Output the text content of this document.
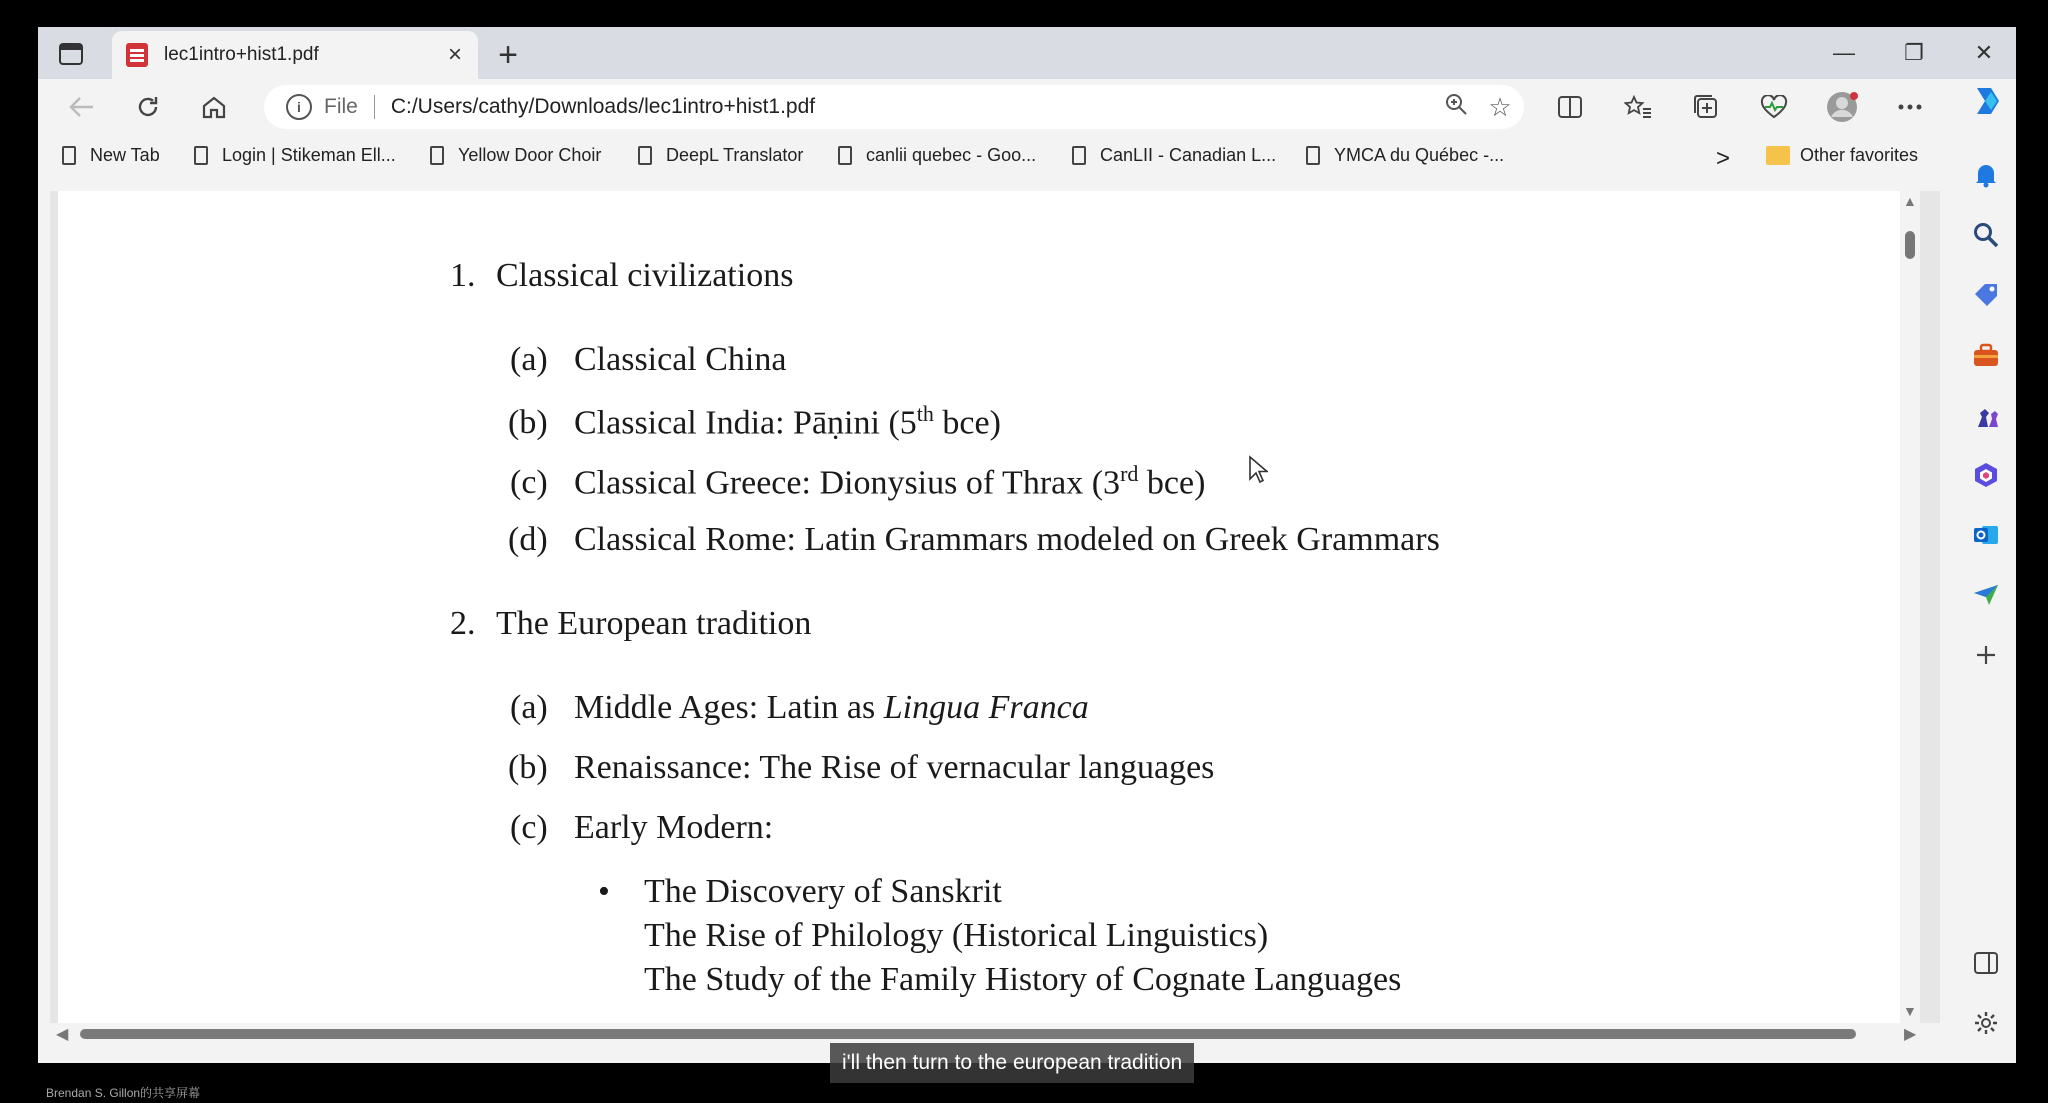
lec1intro+hist1.pdf	× +	—	❐	✕
i	File C:/Users/cathy/Downloads/lec1intro+hist1.pdf	☆
New Tab	Login | Stikeman Ell...	Yellow Door Choir	DeepL Translator	canlii quebec - Goo...	CanLII - Canadian L...	YMCA du Québec -...	>	Other favorites
1. Classical civilizations
(a) Classical China
(b) Classical India: Pāṇini (5th bce)
(c) Classical Greece: Dionysius of Thrax (3rd bce)
(d) Classical Rome: Latin Grammars modeled on Greek Grammars
2. The European tradition
(a) Middle Ages: Latin as Lingua Franca
(b) Renaissance: The Rise of vernacular languages
(c) Early Modern:
• The Discovery of Sanskrit
The Rise of Philology (Historical Linguistics)
The Study of the Family History of Cognate Languages
▲
▼
◀	▶
i'll then turn to the european tradition
Brendan S. Gillon的共享屏幕
